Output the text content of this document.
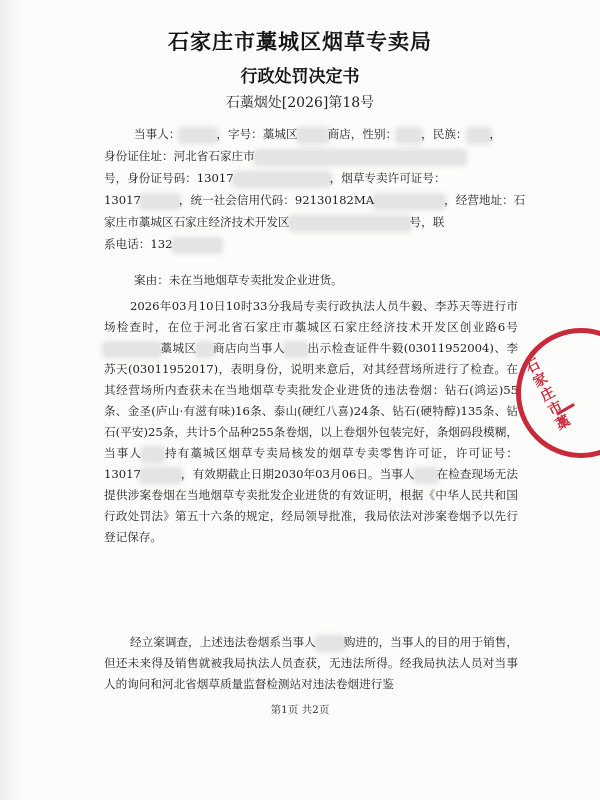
石家庄市藁城区烟草专卖局
行政处罚决定书
石藁烟处[2026]第18号
当事人：	，字号：藁城区	商店，性别： ，民族： ，
身份证住址：河北省石家庄市
号，身份证号码：13017	，烟草专卖许可证号：
13017	，统一社会信用代码：92130182MA	，经营地址：石
家庄市藁城区石家庄经济技术开发区	号，联
系电话：132
案由：未在当地烟草专卖批发企业进货。
2026年03月10日10时33分我局专卖行政执法人员牛毅、李苏天等进行市场检查时，在位于河北省石家庄市藁城区石家庄经济技术开发区创业路6号藁城区 商店向当事人 出示检查证件牛毅(03011952004)、李苏天(03011952017)，表明身份，说明来意后，对其经营场所进行了检查。在其经营场所内查获未在当地烟草专卖批发企业进货的违法卷烟：钻石(鸿运)55条、金圣(庐山·有滋有味)16条、泰山(硬红八喜)24条、钻石(硬特醇)135条、钻石(平安)25条，共计5个品种255条卷烟，以上卷烟外包装完好，条烟码段模糊，当事人 持有藁城区烟草专卖局核发的烟草专卖零售许可证，许可证号：13017	，有效期截止日期2030年03月06日。当事人 在检查现场无法提供涉案卷烟在当地烟草专卖批发企业进货的有效证明，根据《中华人民共和国行政处罚法》第五十六条的规定，经局领导批准，我局依法对涉案卷烟予以先行登记保存。
经立案调查，上述违法卷烟系当事人 购进的，当事人的目的用于销售，但还未来得及销售就被我局执法人员查获，无违法所得。经我局执法人员对当事人的询问和河北省烟草质量监督检测站对违法卷烟进行鉴
第1页 共2页
石家庄市藁
